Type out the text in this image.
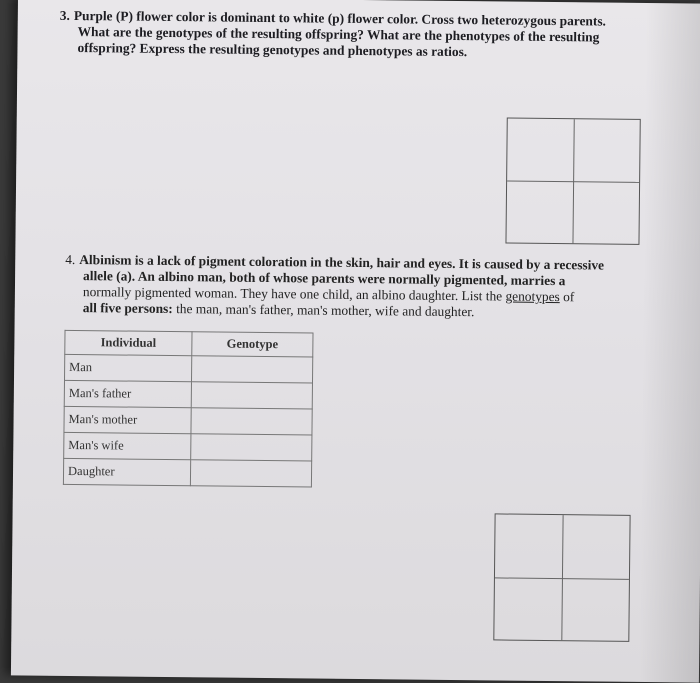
3. Purple (P) flower color is dominant to white (p) flower color. Cross two heterozygous parents.

What are the genotypes of the resulting offspring? What are the phenotypes of the resulting

offspring? Express the resulting genotypes and phenotypes as ratios.

4. Albinism is a lack of pigment coloration in the skin, hair and eyes. It is caused by a recessive

allele (a). An albino man, both of whose parents were normally pigmented, marries a

normally pigmented woman. They have one child, an albino daughter. List the genotypes of

all five persons: the man, man's father, man's mother, wife and daughter.

Individual	Genotype
Man	
Man's father	
Man's mother	
Man's wife	
Daughter	
